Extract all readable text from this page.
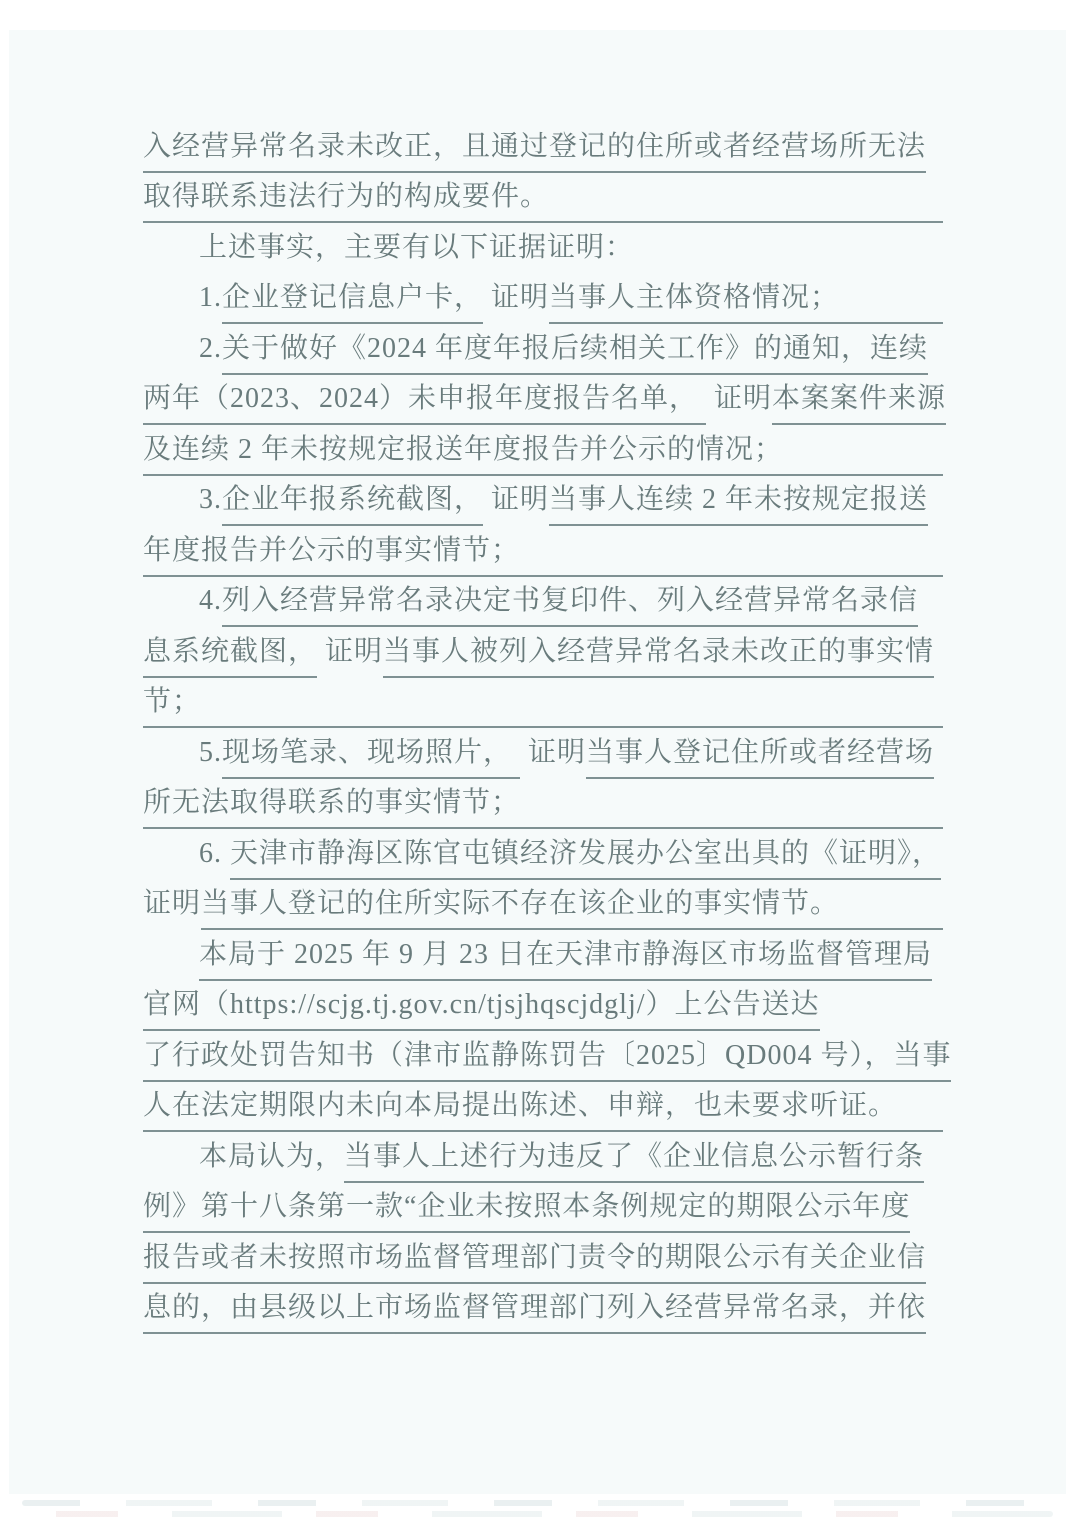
入经营异常名录未改正，且通过登记的住所或者经营场所无法
取得联系违法行为的构成要件。
上述事实，主要有以下证据证明：
1. 企业登记信息户卡， 证明 当事人主体资格情况；
2. 关于做好《2024 年度年报后续相关工作》的通知，连续
两年（2023、2024）未申报年度报告名单， 证明 本案案件来源
及连续 2 年未按规定报送年度报告并公示的情况；
3. 企业年报系统截图， 证明 当事人连续 2 年未按规定报送
年度报告并公示的事实情节；
4. 列入经营异常名录决定书复印件、列入经营异常名录信
息系统截图， 证明 当事人被列入经营异常名录未改正的事实情
节；
5. 现场笔录、现场照片， 证明 当事人登记住所或者经营场
所无法取得联系的事实情节；
6. 天津市静海区陈官屯镇经济发展办公室出具的《证明》，
证明 当事人登记的住所实际不存在该企业的事实情节。
本局于 2025 年 9 月 23 日在天津市静海区市场监督管理局
官网（https://scjg.tj.gov.cn/tjsjhqscjdglj/）上公告送达
了行政处罚告知书（津市监静陈罚告〔2025〕QD004 号），当事
人在法定期限内未向本局提出陈述、申辩，也未要求听证。
本局认为， 当事人上述行为违反了《企业信息公示暂行条
例》第十八条第一款“企业未按照本条例规定的期限公示年度
报告或者未按照市场监督管理部门责令的期限公示有关企业信
息的，由县级以上市场监督管理部门列入经营异常名录，并依
